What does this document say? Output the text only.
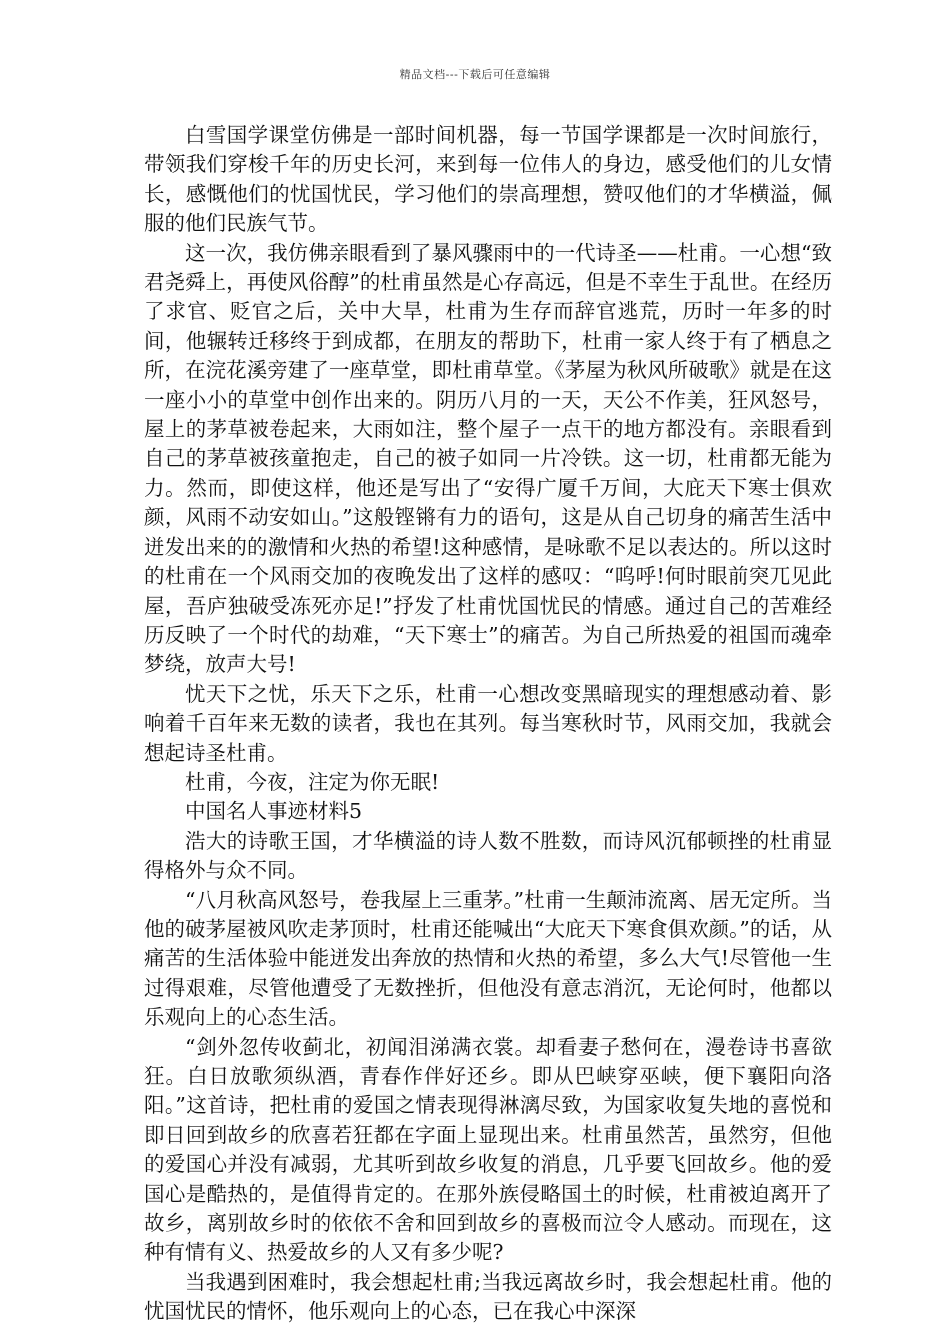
精品文档---下载后可任意编辑

白雪国学课堂仿佛是一部时间机器，每一节国学课都是一次时间旅行，带领我们穿梭千年的历史长河，来到每一位伟人的身边，感受他们的儿女情长，感慨他们的忧国忧民，学习他们的崇高理想，赞叹他们的才华横溢，佩服的他们民族气节。

这一次，我仿佛亲眼看到了暴风骤雨中的一代诗圣——杜甫。一心想“致君尧舜上，再使风俗醇”的杜甫虽然是心存高远，但是不幸生于乱世。在经历了求官、贬官之后，关中大旱，杜甫为生存而辞官逃荒，历时一年多的时间，他辗转迁移终于到成都，在朋友的帮助下，杜甫一家人终于有了栖息之所，在浣花溪旁建了一座草堂，即杜甫草堂。《茅屋为秋风所破歌》就是在这一座小小的草堂中创作出来的。阴历八月的一天，天公不作美，狂风怒号，屋上的茅草被卷起来，大雨如注，整个屋子一点干的地方都没有。亲眼看到自己的茅草被孩童抱走，自己的被子如同一片冷铁。这一切，杜甫都无能为力。然而，即使这样，他还是写出了“安得广厦千万间，大庇天下寒士俱欢颜，风雨不动安如山。”这般铿锵有力的语句，这是从自己切身的痛苦生活中迸发出来的的激情和火热的希望!这种感情，是咏歌不足以表达的。所以这时的杜甫在一个风雨交加的夜晚发出了这样的感叹：“呜呼!何时眼前突兀见此屋，吾庐独破受冻死亦足!”抒发了杜甫忧国忧民的情感。通过自己的苦难经历反映了一个时代的劫难，“天下寒士”的痛苦。为自己所热爱的祖国而魂牵梦绕，放声大号!

忧天下之忧，乐天下之乐，杜甫一心想改变黑暗现实的理想感动着、影响着千百年来无数的读者，我也在其列。每当寒秋时节，风雨交加，我就会想起诗圣杜甫。

杜甫，今夜，注定为你无眠!

中国名人事迹材料5

浩大的诗歌王国，才华横溢的诗人数不胜数，而诗风沉郁顿挫的杜甫显得格外与众不同。

“八月秋高风怒号，卷我屋上三重茅。”杜甫一生颠沛流离、居无定所。当他的破茅屋被风吹走茅顶时，杜甫还能喊出“大庇天下寒食俱欢颜。”的话，从痛苦的生活体验中能迸发出奔放的热情和火热的希望，多么大气!尽管他一生过得艰难，尽管他遭受了无数挫折，但他没有意志消沉，无论何时，他都以乐观向上的心态生活。

“剑外忽传收蓟北，初闻泪涕满衣裳。却看妻子愁何在，漫卷诗书喜欲狂。白日放歌须纵酒，青春作伴好还乡。即从巴峡穿巫峡，便下襄阳向洛阳。”这首诗，把杜甫的爱国之情表现得淋漓尽致，为国家收复失地的喜悦和即日回到故乡的欣喜若狂都在字面上显现出来。杜甫虽然苦，虽然穷，但他的爱国心并没有减弱，尤其听到故乡收复的消息，几乎要飞回故乡。他的爱国心是酷热的，是值得肯定的。在那外族侵略国土的时候，杜甫被迫离开了故乡，离别故乡时的依依不舍和回到故乡的喜极而泣令人感动。而现在，这种有情有义、热爱故乡的人又有多少呢?

当我遇到困难时，我会想起杜甫;当我远离故乡时，我会想起杜甫。他的忧国忧民的情怀，他乐观向上的心态，已在我心中深深
